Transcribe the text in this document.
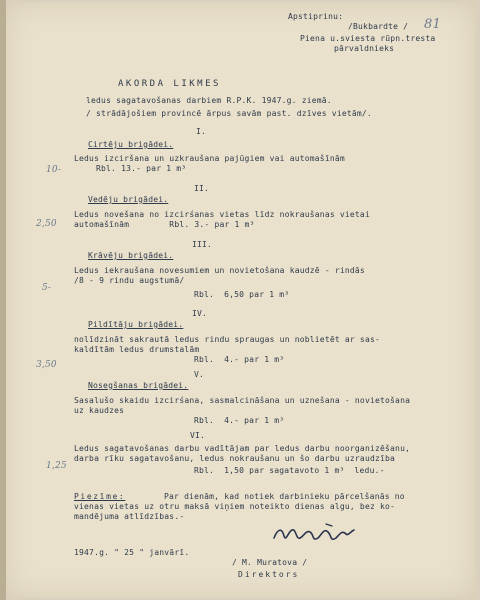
Apstiprinu:
/Bukbardte / 81
Piena u.sviesta rūpn.tresta
pārvaldnieks
AKORDA LIKMES
ledus sagatavošanas darbiem R.P.K. 1947.g. ziemā.
/ strādājošiem provincē ārpus savām past. dzīves vietām/.
I.
Cirtēju brigādei.
Ledus izciršana un uzkraušana pajūgiem vai automašīnām
Rbl. 13.- par 1 m³
10-
II.
Vedēju brigādei.
Ledus novešana no izcirśanas vietas līdz nokraušanas vietai
automašīnām        Rbl. 3.- par 1 m³
2,50
III.
Krāvēju brigādei.
Ledus iekraušana novesumiem un novietošana kaudzē - rindās
/8 - 9 rindu augstumā/
Rbl.  6,50 par 1 m³
5-
IV.
Pildītāju brigādei.
nolīdzināt sakrautā ledus rindu spraugas un noblietēt ar sas-
kaldītām ledus drumstalām
Rbl.  4.- par 1 m³
3,50
V.
Nosegšanas brigādei.
Sasalušo skaidu izcirśana, sasmalcināšana un uznešana - novietošana
uz kaudzes
Rbl.  4.- par 1 m³
VI.
Ledus sagatavošanas darbu vadītājam par ledus darbu noorganizēšanu,
darba rīku sagatavošanu, ledus nokraušanu un šo darbu uzraudzība
Rbl.  1,50 par sagatavoto 1 m³  ledu.-
1,25
Piezīme:	Par dienām, kad notiek darbinieku pārcelšanās no
vienas vietas uz otru maksā viņiem noteikto dienas algu, bez ko-
mandējuma atlīdzības.-
1947.g. " 25 " janvārī.
/ M. Muratova /
Direktors
